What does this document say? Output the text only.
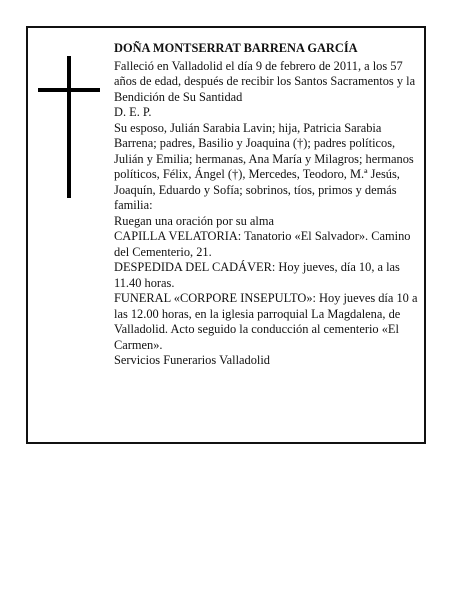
DOÑA MONTSERRAT BARRENA GARCÍA

Falleció en Valladolid el día 9 de febrero de 2011, a los 57 años de edad, después de recibir los Santos Sacramentos y la Bendición de Su Santidad

D. E. P.

Su esposo, Julián Sarabia Lavin; hija, Patricia Sarabia Barrena; padres, Basilio y Joaquina (†); padres políticos, Julián y Emilia; hermanas, Ana María y Milagros; hermanos políticos, Félix, Ángel (†), Mercedes, Teodoro, M.ª Jesús, Joaquín, Eduardo y Sofía; sobrinos, tíos, primos y demás familia:

Ruegan una oración por su alma

CAPILLA VELATORIA: Tanatorio «El Salvador». Camino del Cementerio, 21.

DESPEDIDA DEL CADÁVER: Hoy jueves, día 10, a las 11.40 horas.

FUNERAL «CORPORE INSEPULTO»: Hoy jueves día 10 a las 12.00 horas, en la iglesia parroquial La Magdalena, de Valladolid. Acto seguido la conducción al cementerio «El Carmen».

Servicios Funerarios Valladolid
